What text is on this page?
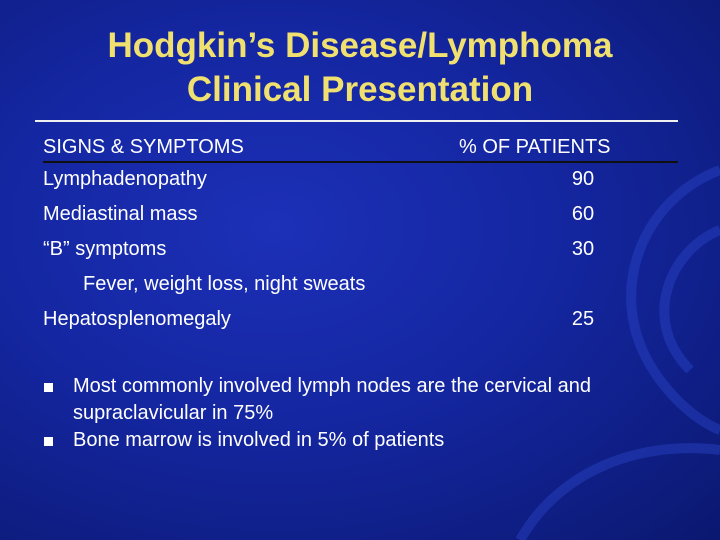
Hodgkin’s Disease/Lymphoma
Clinical Presentation
SIGNS & SYMPTOMS	% OF PATIENTS
Lymphadenopathy	90
Mediastinal mass	60
“B” symptoms	30
Fever, weight loss, night sweats
Hepatosplenomegaly	25
Most commonly involved lymph nodes are the cervical and supraclavicular in 75%
Bone marrow is involved in 5% of patients
